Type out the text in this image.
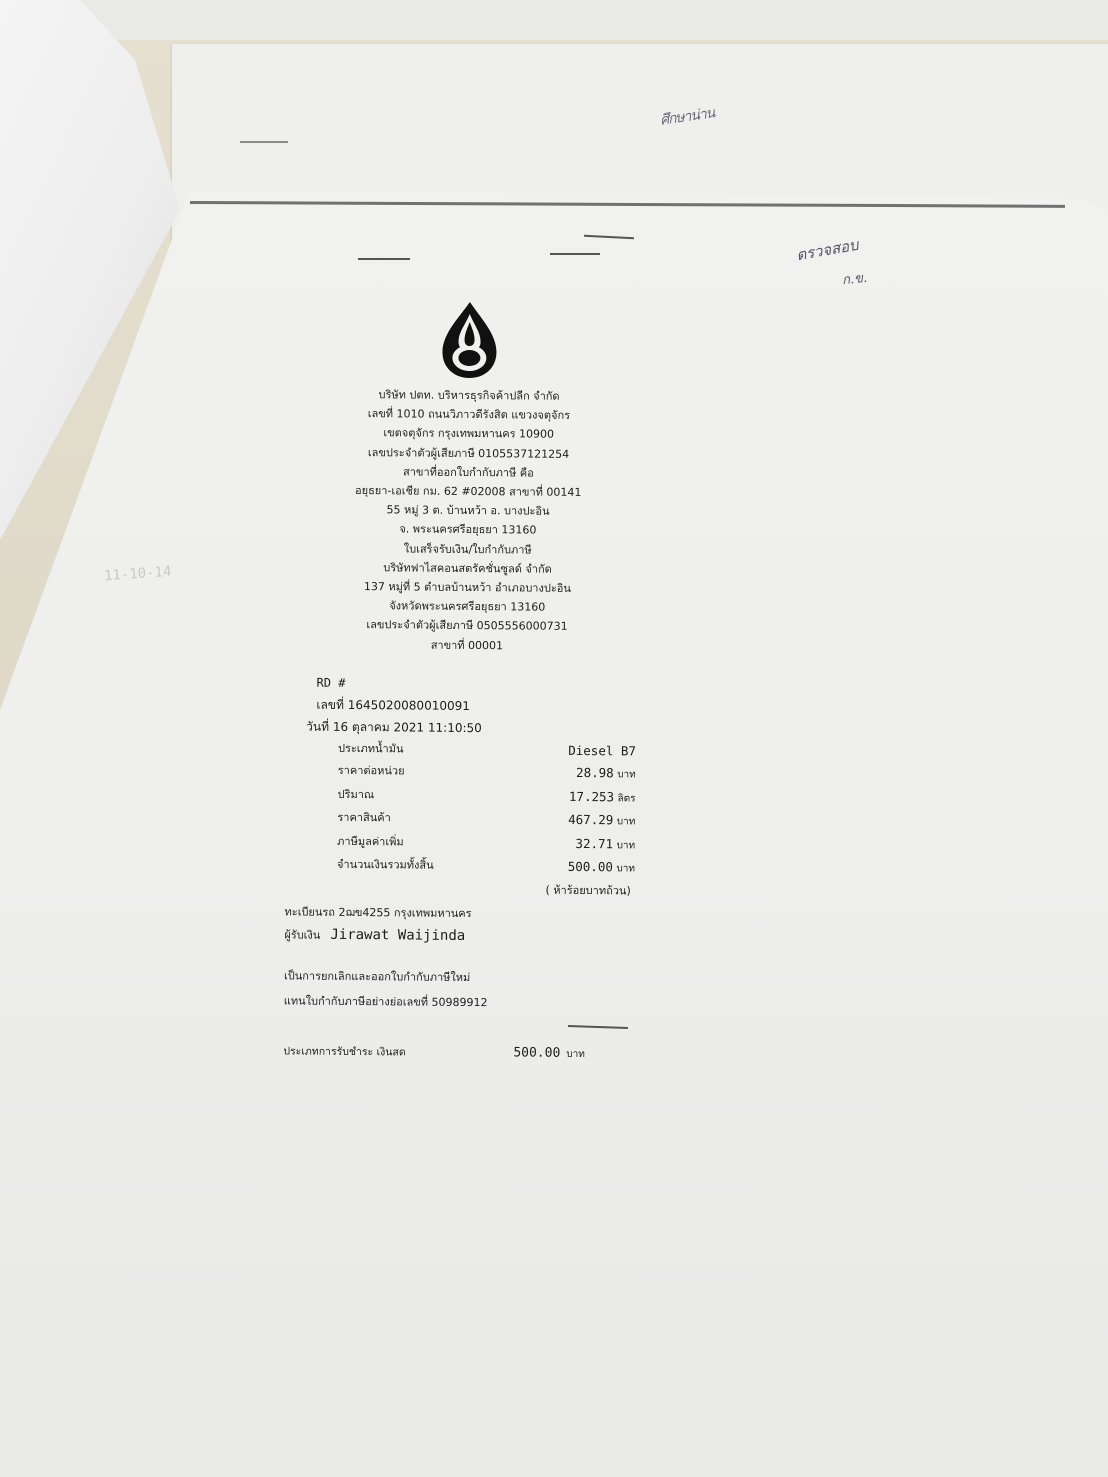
ศึกษาน่าน
ตรวจสอบ
ก.ข.
11-10-14
บริษัท ปตท. บริหารธุรกิจค้าปลีก จำกัด
เลขที่ 1010 ถนนวิภาวดีรังสิต แขวงจตุจักร
เขตจตุจักร กรุงเทพมหานคร 10900
เลขประจำตัวผู้เสียภาษี 0105537121254
สาขาที่ออกใบกำกับภาษี คือ
อยุธยา-เอเชีย กม. 62 #02008 สาขาที่ 00141
55 หมู่ 3 ต. บ้านหว้า อ. บางปะอิน
จ. พระนครศรีอยุธยา 13160
ใบเสร็จรับเงิน/ใบกำกับภาษี
บริษัทฟาไสคอนสตรัคชั่นซูลด์ จำกัด
137 หมู่ที่ 5 ตำบลบ้านหว้า อำเภอบางปะอิน
จังหวัดพระนครศรีอยุธยา 13160
เลขประจำตัวผู้เสียภาษี 0505556000731
สาขาที่ 00001
RD #
เลขที่ 1645020080010091
วันที่ 16 ตุลาคม 2021 11:10:50
ประเภทน้ำมัน	Diesel B7
ราคาต่อหน่วย	28.98 บาท
ปริมาณ	17.253 ลิตร
ราคาสินค้า	467.29 บาท
ภาษีมูลค่าเพิ่ม	32.71 บาท
จำนวนเงินรวมทั้งสิ้น	500.00 บาท
( ห้าร้อยบาทถ้วน)
ทะเบียนรถ 2ฌข4255 กรุงเทพมหานคร
ผู้รับเงิน Jirawat Waijinda
เป็นการยกเลิกและออกใบกำกับภาษีใหม่
แทนใบกำกับภาษีอย่างย่อเลขที่ 50989912
ประเภทการรับชำระ เงินสด	500.00 บาท
